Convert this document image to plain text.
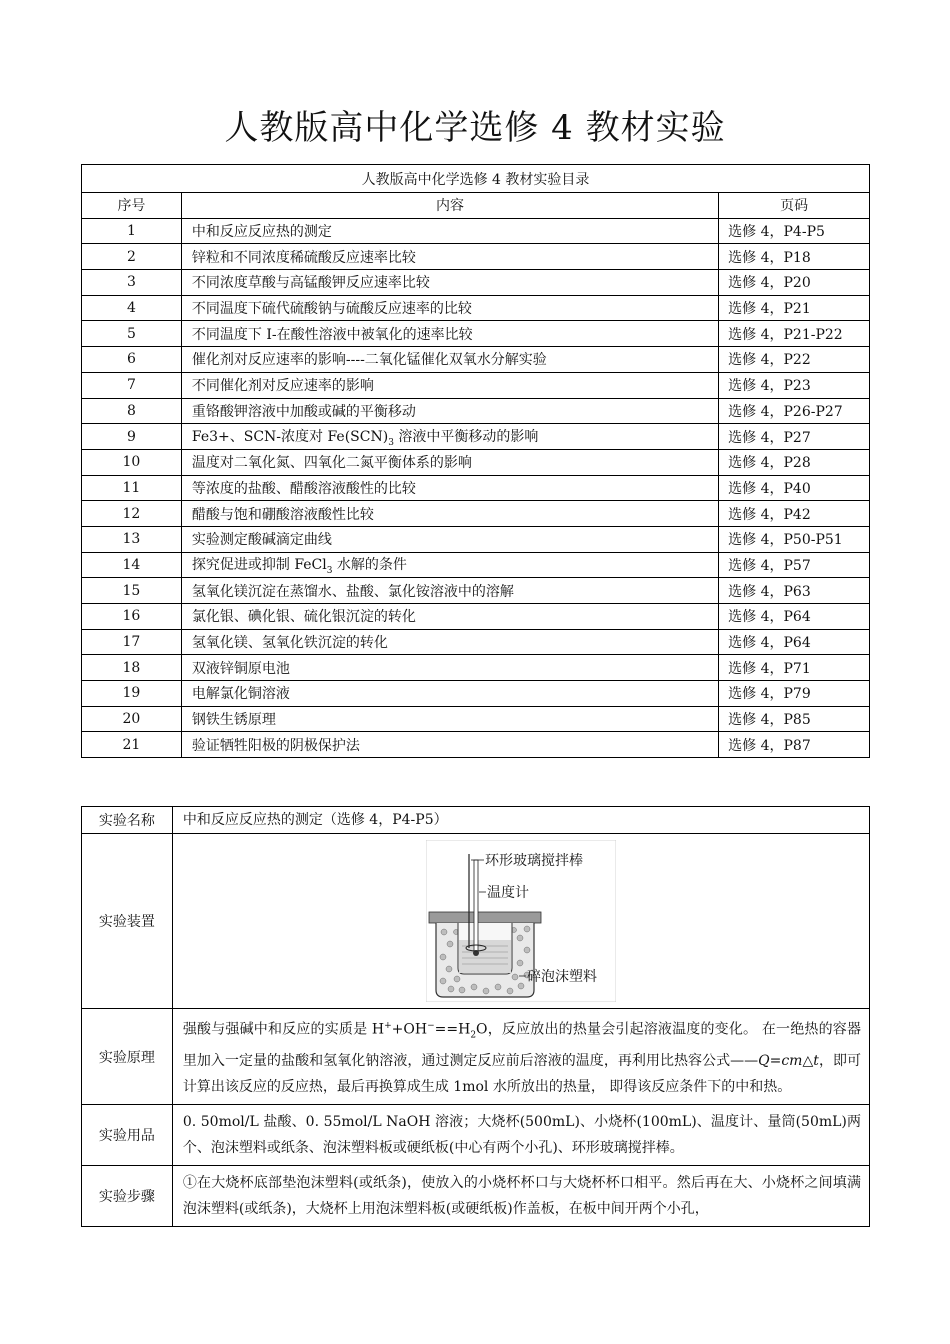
人教版高中化学选修 4 教材实验
人教版高中化学选修 4 教材实验目录		
序号	内容	页码
1	中和反应反应热的测定	选修 4，P4-P5
2	锌粒和不同浓度稀硫酸反应速率比较	选修 4，P18
3	不同浓度草酸与高锰酸钾反应速率比较	选修 4，P20
4	不同温度下硫代硫酸钠与硫酸反应速率的比较	选修 4，P21
5	不同温度下 I-在酸性溶液中被氧化的速率比较	选修 4，P21-P22
6	催化剂对反应速率的影响----二氧化锰催化双氧水分解实验	选修 4，P22
7	不同催化剂对反应速率的影响	选修 4，P23
8	重铬酸钾溶液中加酸或碱的平衡移动	选修 4，P26-P27
9	Fe3+、SCN-浓度对 $Fe(SCN)_3$ 溶液中平衡移动的影响	选修 4，P27
10	温度对二氧化氮、四氧化二氮平衡体系的影响	选修 4，P28
11	等浓度的盐酸、醋酸溶液酸性的比较	选修 4，P40
12	醋酸与饱和硼酸溶液酸性比较	选修 4，P42
13	实验测定酸碱滴定曲线	选修 4，P50-P51
14	探究促进或抑制 FeCl$_3$ 水解的条件	选修 4，P57
15	氢氧化镁沉淀在蒸馏水、盐酸、氯化铵溶液中的溶解	选修 4，P63
16	氯化银、碘化银、硫化银沉淀的转化	选修 4，P64
17	氢氧化镁、氢氧化铁沉淀的转化	选修 4，P64
18	双液锌铜原电池	选修 4，P71
19	电解氯化铜溶液	选修 4，P79
20	钢铁生锈原理	选修 4，P85
21	验证牺牲阳极的阴极保护法	选修 4，P87
实验名称	中和反应反应热的测定（选修 4，P4-P5）
实验装置	环形玻璃搅拌棒
温度计
碎泡沫塑料

实验原理	强酸与强碱中和反应的实质是 $H^++OH^-==H_2O$，反应放出的热量会引起溶液温度的变化。 在一绝热的容器里加入一定量的盐酸和氢氧化钠溶液，通过测定反应前后溶液的温度，再利用比热容公式——Q=cm△t，即可计算出该反应的反应热，最后再换算成生成 1mol 水所放出的热量， 即得该反应条件下的中和热。
实验用品	0. 50mol/L 盐酸、0. 55mol/L NaOH 溶液；大烧杯(500mL)、小烧杯(100mL)、温度计、量筒(50mL)两个、泡沫塑料或纸条、泡沫塑料板或硬纸板(中心有两个小孔)、环形玻璃搅拌棒。
实验步骤	①在大烧杯底部垫泡沫塑料(或纸条)，使放入的小烧杯杯口与大烧杯杯口相平。然后再在大、小烧杯之间填满泡沫塑料(或纸条)，大烧杯上用泡沫塑料板(或硬纸板)作盖板，在板中间开两个小孔，
